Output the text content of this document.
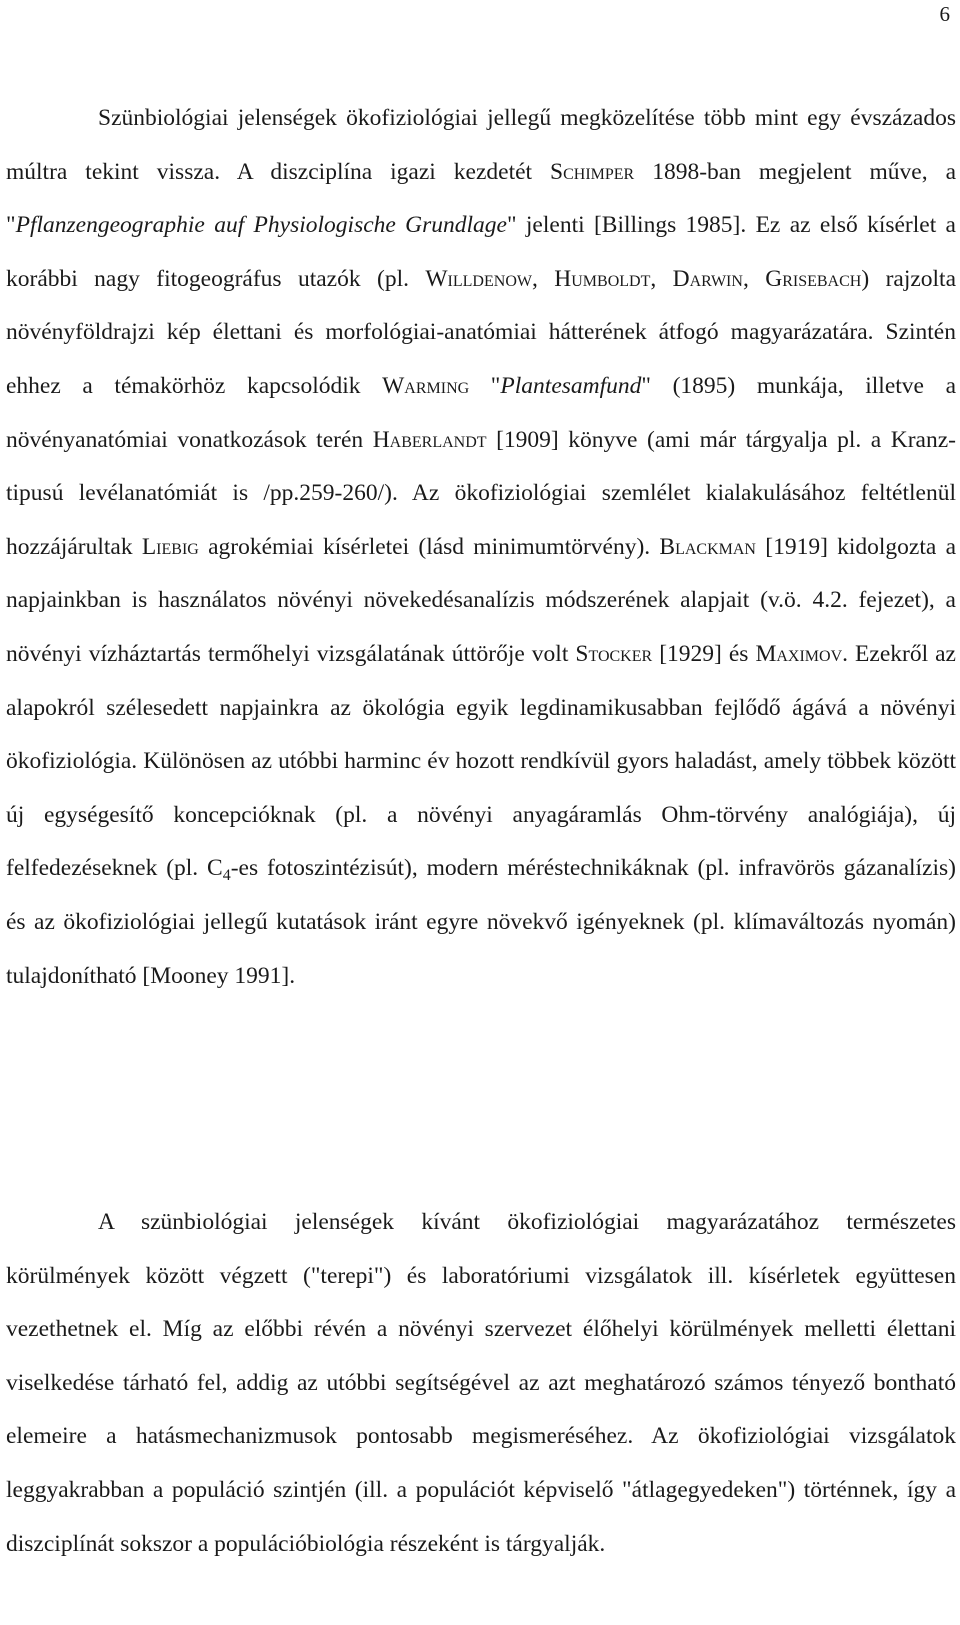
6

Szünbiológiai jelenségek ökofiziológiai jellegű megközelítése több mint egy évszázados múltra tekint vissza. A diszciplína igazi kezdetét Schimper 1898-ban megjelent műve, a "Pflanzengeographie auf Physiologische Grundlage" jelenti [Billings 1985]. Ez az első kísérlet a korábbi nagy fitogeográfus utazók (pl. Willdenow, Humboldt, Darwin, Grisebach) rajzolta növényföldrajzi kép élettani és morfológiai-anatómiai hátterének átfogó magyarázatára. Szintén ehhez a témakörhöz kapcsolódik Warming "Plantesamfund" (1895) munkája, illetve a növényanatómiai vonatkozások terén Haberlandt [1909] könyve (ami már tárgyalja pl. a Kranz-tipusú levélanatómiát is /pp.259-260/). Az ökofiziológiai szemlélet kialakulásához feltétlenül hozzájárultak Liebig agrokémiai kísérletei (lásd minimumtörvény). Blackman [1919] kidolgozta a napjainkban is használatos növényi növekedésanalízis módszerének alapjait (v.ö. 4.2. fejezet), a növényi vízháztartás termőhelyi vizsgálatának úttörője volt Stocker [1929] és Maximov. Ezekről az alapokról szélesedett napjainkra az ökológia egyik legdinamikusabban fejlődő ágává a növényi ökofiziológia. Különösen az utóbbi harminc év hozott rendkívül gyors haladást, amely többek között új egységesítő koncepcióknak (pl. a növényi anyagáramlás Ohm-törvény analógiája), új felfedezéseknek (pl. $C_4-es$ fotoszintézisút), modern méréstechnikáknak (pl. infravörös gázanalízis) és az ökofiziológiai jellegű kutatások iránt egyre növekvő igényeknek (pl. klímaváltozás nyomán) tulajdonítható [Mooney 1991].

A szünbiológiai jelenségek kívánt ökofiziológiai magyarázatához természetes körülmények között végzett ("terepi") és laboratóriumi vizsgálatok ill. kísérletek együttesen vezethetnek el. Míg az előbbi révén a növényi szervezet élőhelyi körülmények melletti élettani viselkedése tárható fel, addig az utóbbi segítségével az azt meghatározó számos tényező bontható elemeire a hatásmechanizmusok pontosabb megismeréséhez. Az ökofiziológiai vizsgálatok leggyakrabban a populáció szintjén (ill. a populációt képviselő "átlagegyedeken") történnek, így a diszciplínát sokszor a populációbiológia részeként is tárgyalják.
